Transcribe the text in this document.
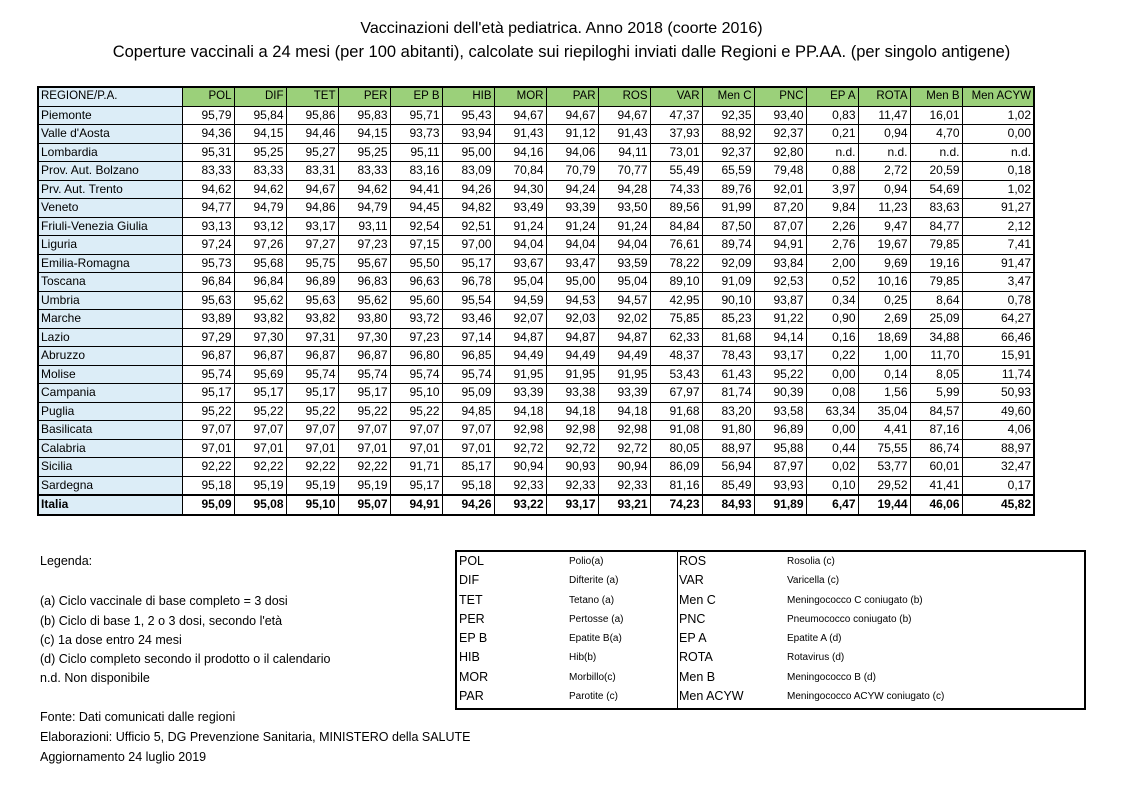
Vaccinazioni dell'età pediatrica. Anno 2018 (coorte 2016)
Coperture vaccinali a 24 mesi (per 100 abitanti), calcolate sui riepiloghi inviati dalle Regioni e PP.AA. (per singolo antigene)
REGIONE/P.A.	POL	DIF	TET	PER	EP B	HIB	MOR	PAR	ROS	VAR	Men C	PNC	EP A	ROTA	Men B	Men ACYW
Piemonte	95,79	95,84	95,86	95,83	95,71	95,43	94,67	94,67	94,67	47,37	92,35	93,40	0,83	11,47	16,01	1,02
Valle d'Aosta	94,36	94,15	94,46	94,15	93,73	93,94	91,43	91,12	91,43	37,93	88,92	92,37	0,21	0,94	4,70	0,00
Lombardia	95,31	95,25	95,27	95,25	95,11	95,00	94,16	94,06	94,11	73,01	92,37	92,80	n.d.	n.d.	n.d.	n.d.
Prov. Aut. Bolzano	83,33	83,33	83,31	83,33	83,16	83,09	70,84	70,79	70,77	55,49	65,59	79,48	0,88	2,72	20,59	0,18
Prv. Aut. Trento	94,62	94,62	94,67	94,62	94,41	94,26	94,30	94,24	94,28	74,33	89,76	92,01	3,97	0,94	54,69	1,02
Veneto	94,77	94,79	94,86	94,79	94,45	94,82	93,49	93,39	93,50	89,56	91,99	87,20	9,84	11,23	83,63	91,27
Friuli-Venezia Giulia	93,13	93,12	93,17	93,11	92,54	92,51	91,24	91,24	91,24	84,84	87,50	87,07	2,26	9,47	84,77	2,12
Liguria	97,24	97,26	97,27	97,23	97,15	97,00	94,04	94,04	94,04	76,61	89,74	94,91	2,76	19,67	79,85	7,41
Emilia-Romagna	95,73	95,68	95,75	95,67	95,50	95,17	93,67	93,47	93,59	78,22	92,09	93,84	2,00	9,69	19,16	91,47
Toscana	96,84	96,84	96,89	96,83	96,63	96,78	95,04	95,00	95,04	89,10	91,09	92,53	0,52	10,16	79,85	3,47
Umbria	95,63	95,62	95,63	95,62	95,60	95,54	94,59	94,53	94,57	42,95	90,10	93,87	0,34	0,25	8,64	0,78
Marche	93,89	93,82	93,82	93,80	93,72	93,46	92,07	92,03	92,02	75,85	85,23	91,22	0,90	2,69	25,09	64,27
Lazio	97,29	97,30	97,31	97,30	97,23	97,14	94,87	94,87	94,87	62,33	81,68	94,14	0,16	18,69	34,88	66,46
Abruzzo	96,87	96,87	96,87	96,87	96,80	96,85	94,49	94,49	94,49	48,37	78,43	93,17	0,22	1,00	11,70	15,91
Molise	95,74	95,69	95,74	95,74	95,74	95,74	91,95	91,95	91,95	53,43	61,43	95,22	0,00	0,14	8,05	11,74
Campania	95,17	95,17	95,17	95,17	95,10	95,09	93,39	93,38	93,39	67,97	81,74	90,39	0,08	1,56	5,99	50,93
Puglia	95,22	95,22	95,22	95,22	95,22	94,85	94,18	94,18	94,18	91,68	83,20	93,58	63,34	35,04	84,57	49,60
Basilicata	97,07	97,07	97,07	97,07	97,07	97,07	92,98	92,98	92,98	91,08	91,80	96,89	0,00	4,41	87,16	4,06
Calabria	97,01	97,01	97,01	97,01	97,01	97,01	92,72	92,72	92,72	80,05	88,97	95,88	0,44	75,55	86,74	88,97
Sicilia	92,22	92,22	92,22	92,22	91,71	85,17	90,94	90,93	90,94	86,09	56,94	87,97	0,02	53,77	60,01	32,47
Sardegna	95,18	95,19	95,19	95,19	95,17	95,18	92,33	92,33	92,33	81,16	85,49	93,93	0,10	29,52	41,41	0,17
Italia	95,09	95,08	95,10	95,07	94,91	94,26	93,22	93,17	93,21	74,23	84,93	91,89	6,47	19,44	46,06	45,82
Legenda:
(a) Ciclo vaccinale di base completo = 3 dosi
(b) Ciclo di base 1, 2 o 3 dosi, secondo l'età
(c) 1a dose entro 24 mesi
(d) Ciclo completo secondo il prodotto o il calendario
n.d. Non disponibile
POL	Polio(a)
DIF	Difterite (a)
TET	Tetano (a)
PER	Pertosse (a)
EP B	Epatite B(a)
HIB	Hib(b)
MOR	Morbillo(c)
PAR	Parotite (c)
ROS	Rosolia (c)
VAR	Varicella (c)
Men C	Meningococco C coniugato (b)
PNC	Pneumococco coniugato (b)
EP A	Epatite A (d)
ROTA	Rotavirus (d)
Men B	Meningococco B (d)
Men ACYW	Meningococco ACYW coniugato (c)
Fonte: Dati comunicati dalle regioni
Elaborazioni: Ufficio 5, DG Prevenzione Sanitaria, MINISTERO della SALUTE
Aggiornamento 24 luglio 2019
